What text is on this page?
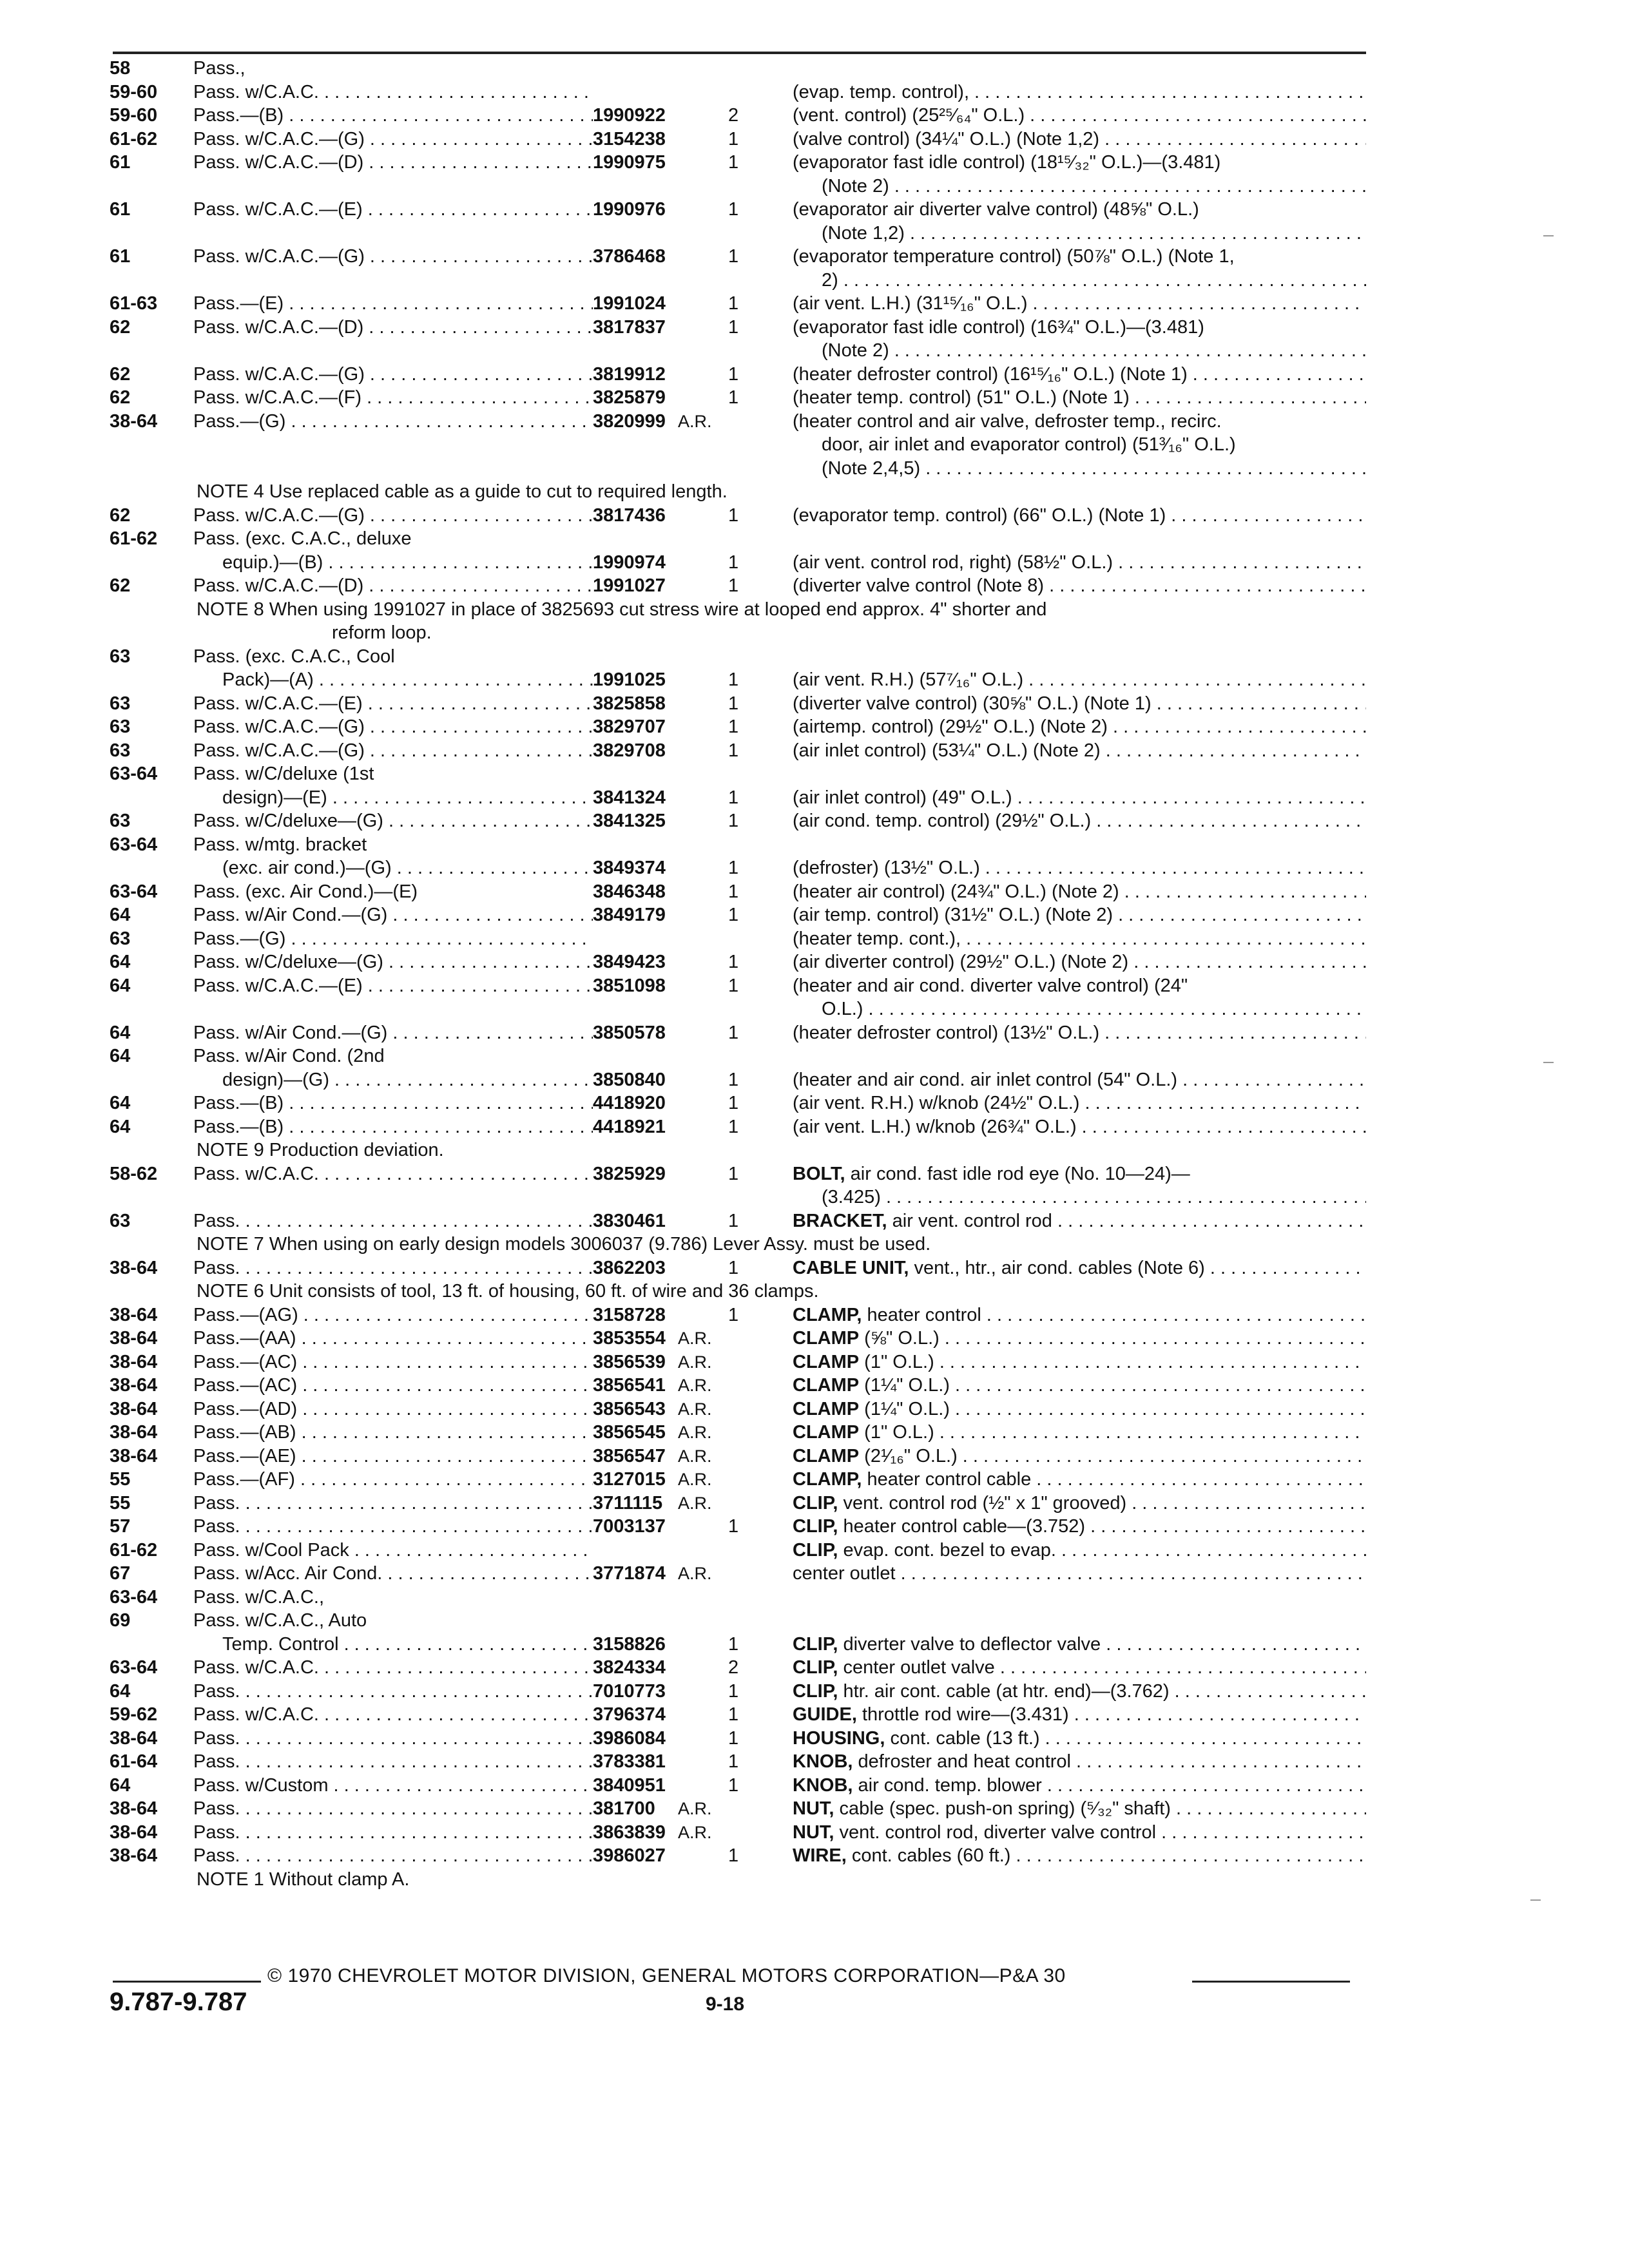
58	Pass.,
59-60	Pass. w/C.A.C. . . .	(evap. temp. control), . . .
59-60	Pass.—(B) . . .	1990922	2	(vent. control) (25²⁵⁄₆₄" O.L.) . . .
61-62	Pass. w/C.A.C.—(G) . . .	3154238	1	(valve control) (34¼" O.L.) (Note 1,2) . . .
61	Pass. w/C.A.C.—(D) . . .	1990975	1	(evaporator fast idle control) (18¹⁵⁄₃₂" O.L.)—(3.481)
(Note 2) . . .
61	Pass. w/C.A.C.—(E) . . .	1990976	1	(evaporator air diverter valve control) (48⅝" O.L.)
(Note 1,2) . . .
61	Pass. w/C.A.C.—(G) . . .	3786468	1	(evaporator temperature control) (50⅞" O.L.) (Note 1,
2) . . .
61-63	Pass.—(E) . . .	1991024	1	(air vent. L.H.) (31¹⁵⁄₁₆" O.L.) . . .
62	Pass. w/C.A.C.—(D) . . .	3817837	1	(evaporator fast idle control) (16¾" O.L.)—(3.481)
(Note 2) . . .
62	Pass. w/C.A.C.—(G) . . .	3819912	1	(heater defroster control) (16¹⁵⁄₁₆" O.L.) (Note 1) . . .
62	Pass. w/C.A.C.—(F) . . .	3825879	1	(heater temp. control) (51" O.L.) (Note 1) . . .
38-64	Pass.—(G) . . .	3820999 A.R.	(heater control and air valve, defroster temp., recirc.
door, air inlet and evaporator control) (51³⁄₁₆" O.L.)
(Note 2,4,5) . . .
NOTE 4 Use replaced cable as a guide to cut to required length.
62	Pass. w/C.A.C.—(G) . . .	3817436	1	(evaporator temp. control) (66" O.L.) (Note 1) . . .
61-62	Pass. (exc. C.A.C., deluxe
equip.)—(B) . . .	1990974	1	(air vent. control rod, right) (58½" O.L.) . . .
62	Pass. w/C.A.C.—(D) . . .	1991027	1	(diverter valve control (Note 8) . . .
NOTE 8 When using 1991027 in place of 3825693 cut stress wire at looped end approx. 4" shorter and
reform loop.
63	Pass. (exc. C.A.C., Cool
Pack)—(A) . . .	1991025	1	(air vent. R.H.) (57⁷⁄₁₆" O.L.) . . .
63	Pass. w/C.A.C.—(E) . . .	3825858	1	(diverter valve control) (30⅝" O.L.) (Note 1) . . .
63	Pass. w/C.A.C.—(G) . . .	3829707	1	(airtemp. control) (29½" O.L.) (Note 2) . . .
63	Pass. w/C.A.C.—(G) . . .	3829708	1	(air inlet control) (53¼" O.L.) (Note 2) . . .
63-64	Pass. w/C/deluxe (1st
design)—(E) . . .	3841324	1	(air inlet control) (49" O.L.) . . .
63	Pass. w/C/deluxe—(G) . . .	3841325	1	(air cond. temp. control) (29½" O.L.) . . .
63-64	Pass. w/mtg. bracket
(exc. air cond.)—(G) . . .	3849374	1	(defroster) (13½" O.L.) . . .
63-64	Pass. (exc. Air Cond.)—(E)	3846348	1	(heater air control) (24¾" O.L.) (Note 2) . . .
64	Pass. w/Air Cond.—(G) . . .	3849179	1	(air temp. control) (31½" O.L.) (Note 2) . . .
63	Pass.—(G) . . .	(heater temp. cont.), . . .
64	Pass. w/C/deluxe—(G) . . .	3849423	1	(air diverter control) (29½" O.L.) (Note 2) . . .
64	Pass. w/C.A.C.—(E) . . .	3851098	1	(heater and air cond. diverter valve control) (24"
O.L.) . . .
64	Pass. w/Air Cond.—(G) . . .	3850578	1	(heater defroster control) (13½" O.L.) . . .
64	Pass. w/Air Cond. (2nd
design)—(G) . . .	3850840	1	(heater and air cond. air inlet control (54" O.L.) . . .
64	Pass.—(B) . . .	4418920	1	(air vent. R.H.) w/knob (24½" O.L.) . . .
64	Pass.—(B) . . .	4418921	1	(air vent. L.H.) w/knob (26¾" O.L.) . . .
NOTE 9 Production deviation.
58-62	Pass. w/C.A.C. . . .	3825929	1	BOLT, air cond. fast idle rod eye (No. 10—24)—
(3.425) . . .
63	Pass. . . .	3830461	1	BRACKET, air vent. control rod . . .
NOTE 7 When using on early design models 3006037 (9.786) Lever Assy. must be used.
38-64	Pass. . . .	3862203	1	CABLE UNIT, vent., htr., air cond. cables (Note 6) . . .
NOTE 6 Unit consists of tool, 13 ft. of housing, 60 ft. of wire and 36 clamps.
38-64	Pass.—(AG) . . .	3158728	1	CLAMP, heater control . . .
38-64	Pass.—(AA) . . .	3853554 A.R.	CLAMP (⅝" O.L.) . . .
38-64	Pass.—(AC) . . .	3856539 A.R.	CLAMP (1" O.L.) . . .
38-64	Pass.—(AC) . . .	3856541 A.R.	CLAMP (1¼" O.L.) . . .
38-64	Pass.—(AD) . . .	3856543 A.R.	CLAMP (1¼" O.L.) . . .
38-64	Pass.—(AB) . . .	3856545 A.R.	CLAMP (1" O.L.) . . .
38-64	Pass.—(AE) . . .	3856547 A.R.	CLAMP (2¹⁄₁₆" O.L.) . . .
55	Pass.—(AF) . . .	3127015 A.R.	CLAMP, heater control cable . . .
55	Pass. . . .	3711115 A.R.	CLIP, vent. control rod (½" x 1" grooved) . . .
57	Pass. . . .	7003137	1	CLIP, heater control cable—(3.752) . . .
61-62	Pass. w/Cool Pack . . .	CLIP, evap. cont. bezel to evap. . . .
67	Pass. w/Acc. Air Cond. . . .	3771874 A.R.	center outlet . . .
63-64	Pass. w/C.A.C.,
69	Pass. w/C.A.C., Auto
Temp. Control . . .	3158826	1	CLIP, diverter valve to deflector valve . . .
63-64	Pass. w/C.A.C. . . .	3824334	2	CLIP, center outlet valve . . .
64	Pass. . . .	7010773	1	CLIP, htr. air cont. cable (at htr. end)—(3.762) . . .
59-62	Pass. w/C.A.C. . . .	3796374	1	GUIDE, throttle rod wire—(3.431) . . .
38-64	Pass. . . .	3986084	1	HOUSING, cont. cable (13 ft.) . . .
61-64	Pass. . . .	3783381	1	KNOB, defroster and heat control . . .
64	Pass. w/Custom . . .	3840951	1	KNOB, air cond. temp. blower . . .
38-64	Pass. . . .	381700	A.R.	NUT, cable (spec. push-on spring) (⁵⁄₃₂" shaft) . . .
38-64	Pass. . . .	3863839 A.R.	NUT, vent. control rod, diverter valve control . . .
38-64	Pass. . . .	3986027	1	WIRE, cont. cables (60 ft.) . . .
NOTE 1 Without clamp A.
© 1970 CHEVROLET MOTOR DIVISION, GENERAL MOTORS CORPORATION—P&A 30
9.787-9.787	9-18
